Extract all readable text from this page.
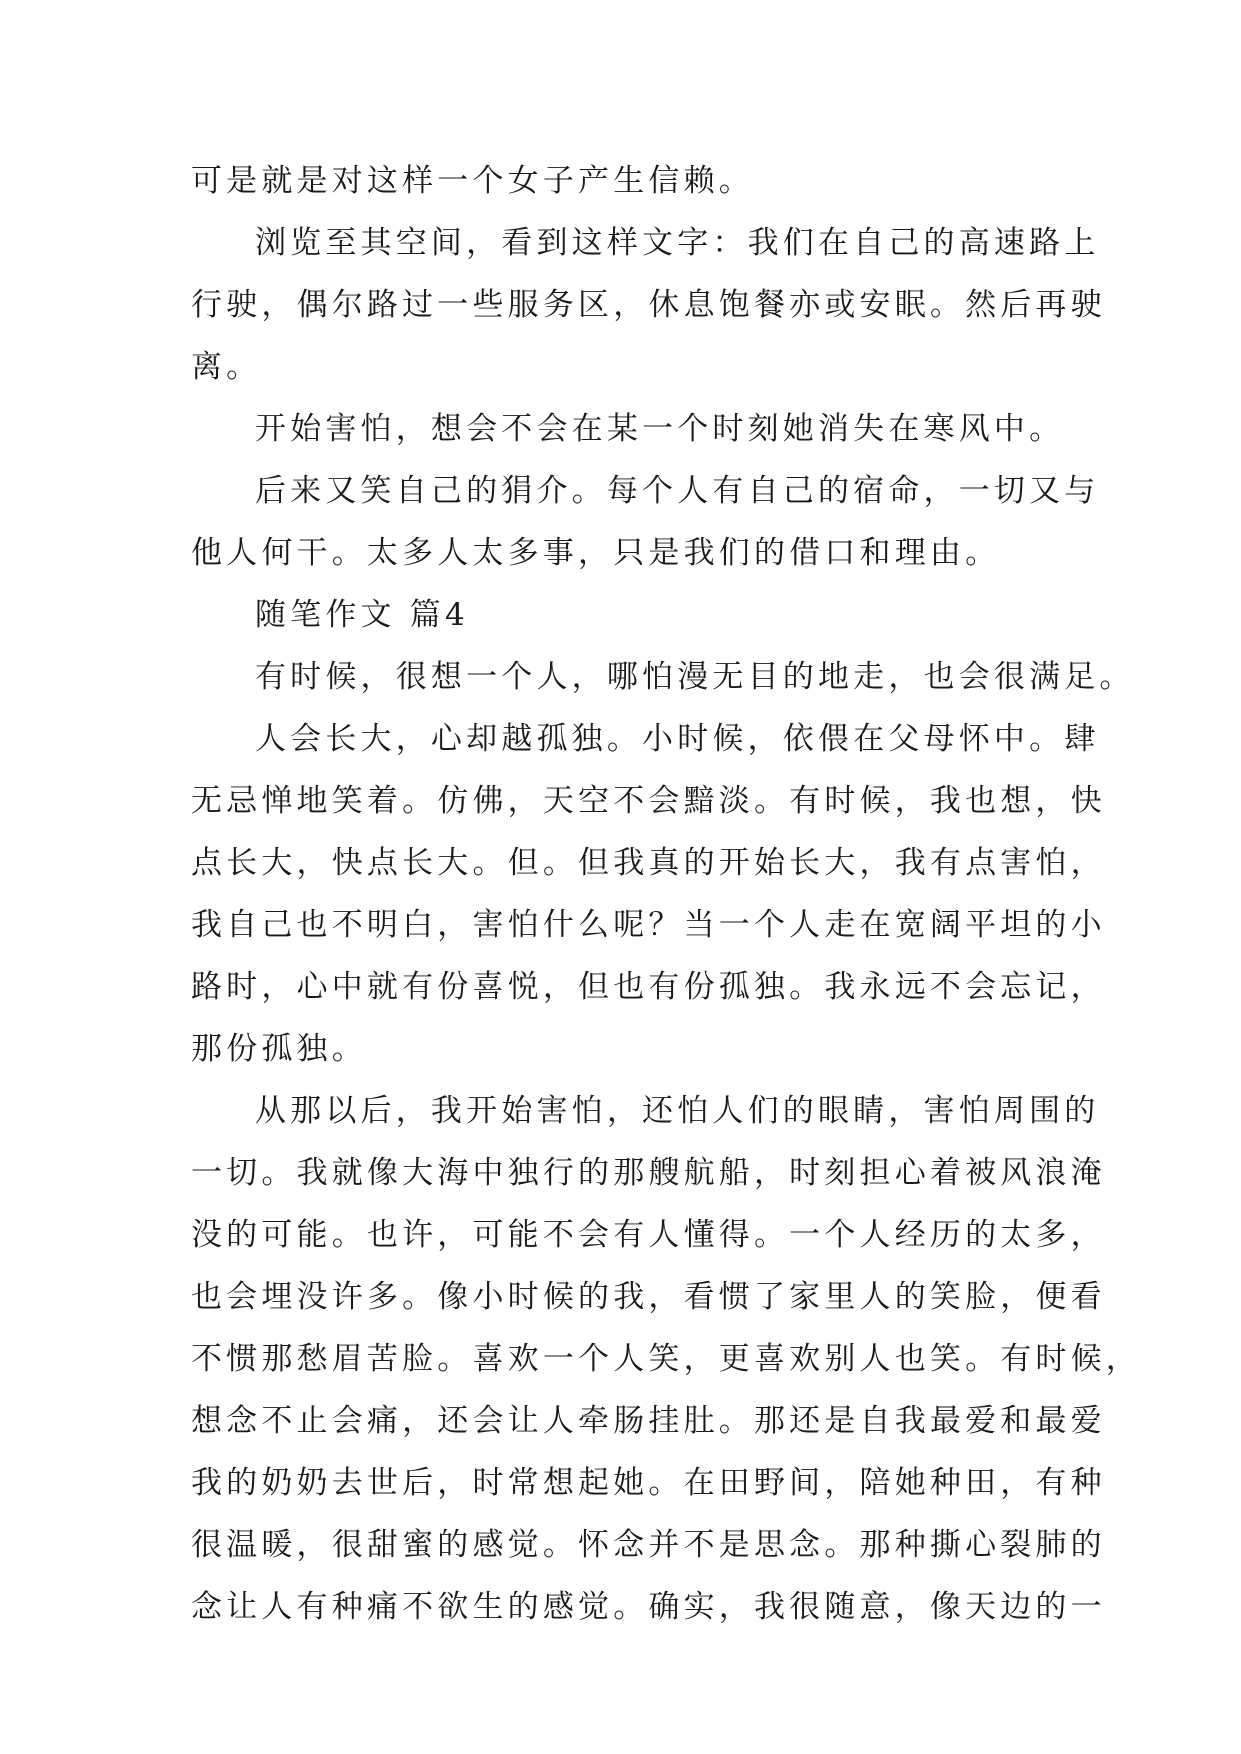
可是就是对这样一个女子产生信赖。
浏览至其空间，看到这样文字：我们在自己的高速路上
行驶，偶尔路过一些服务区，休息饱餐亦或安眠。然后再驶
离。
开始害怕，想会不会在某一个时刻她消失在寒风中。
后来又笑自己的狷介。每个人有自己的宿命，一切又与
他人何干。太多人太多事，只是我们的借口和理由。
随笔作文 篇4
有时候，很想一个人，哪怕漫无目的地走，也会很满足。
人会长大，心却越孤独。小时候，依偎在父母怀中。肆
无忌惮地笑着。仿佛，天空不会黯淡。有时候，我也想，快
点长大，快点长大。但。但我真的开始长大，我有点害怕，
我自己也不明白，害怕什么呢？当一个人走在宽阔平坦的小
路时，心中就有份喜悦，但也有份孤独。我永远不会忘记，
那份孤独。
从那以后，我开始害怕，还怕人们的眼睛，害怕周围的
一切。我就像大海中独行的那艘航船，时刻担心着被风浪淹
没的可能。也许，可能不会有人懂得。一个人经历的太多，
也会埋没许多。像小时候的我，看惯了家里人的笑脸，便看
不惯那愁眉苦脸。喜欢一个人笑，更喜欢别人也笑。有时候，
想念不止会痛，还会让人牵肠挂肚。那还是自我最爱和最爱
我的奶奶去世后，时常想起她。在田野间，陪她种田，有种
很温暖，很甜蜜的感觉。怀念并不是思念。那种撕心裂肺的
念让人有种痛不欲生的感觉。确实，我很随意，像天边的一
